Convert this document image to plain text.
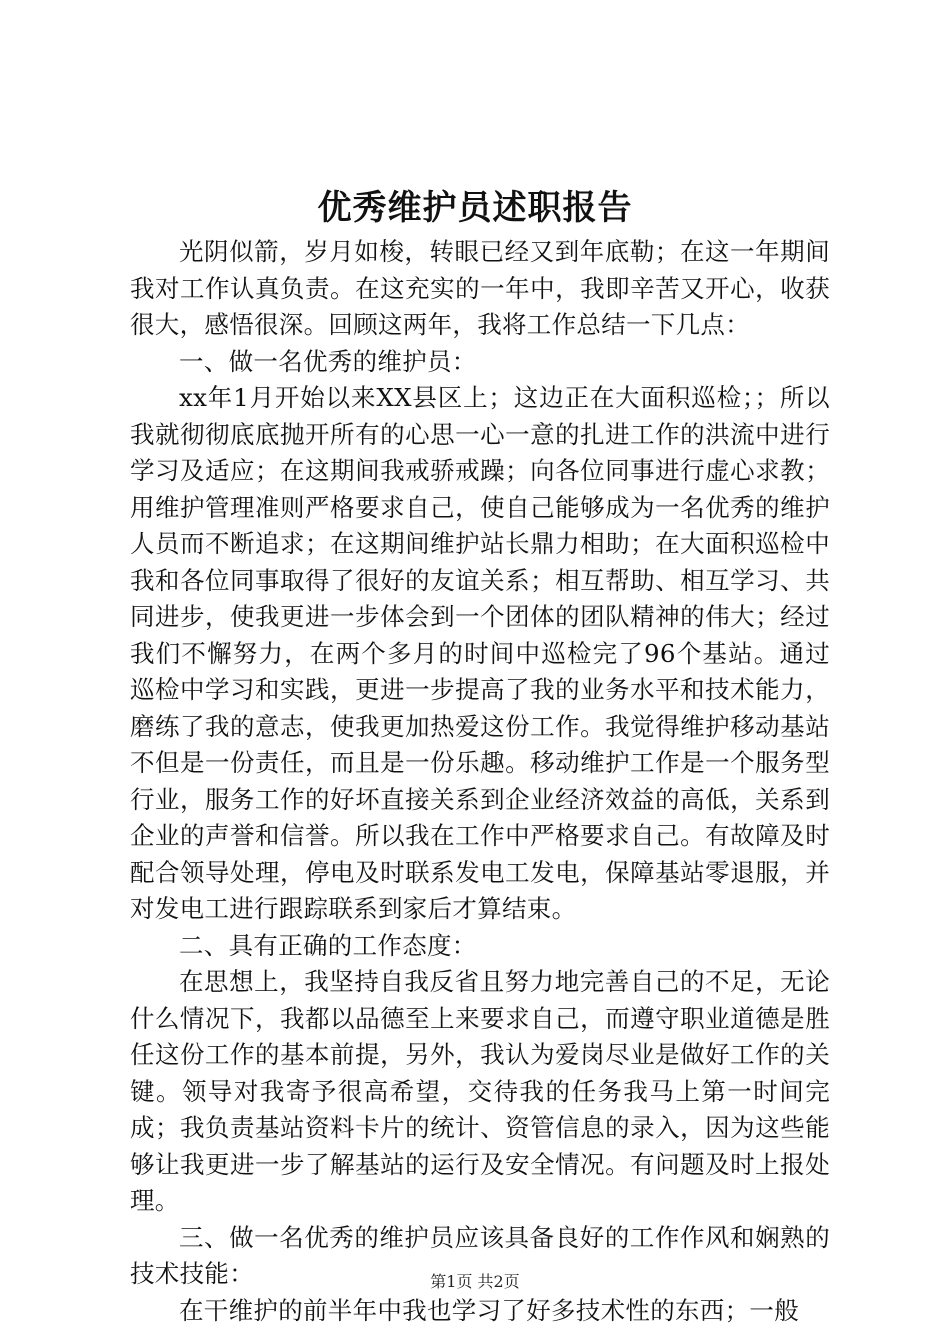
优秀维护员述职报告

光阴似箭，岁月如梭，转眼已经又到年底勒；在这一年期间我对工作认真负责。在这充实的一年中，我即辛苦又开心，收获很大，感悟很深。回顾这两年，我将工作总结一下几点：

一、做一名优秀的维护员：

xx年1月开始以来XX县区上；这边正在大面积巡检；；所以我就彻彻底底抛开所有的心思一心一意的扎进工作的洪流中进行学习及适应；在这期间我戒骄戒躁；向各位同事进行虚心求教；用维护管理准则严格要求自己，使自己能够成为一名优秀的维护人员而不断追求；在这期间维护站长鼎力相助；在大面积巡检中我和各位同事取得了很好的友谊关系；相互帮助、相互学习、共同进步，使我更进一步体会到一个团体的团队精神的伟大；经过我们不懈努力，在两个多月的时间中巡检完了96个基站。通过巡检中学习和实践，更进一步提高了我的业务水平和技术能力，磨练了我的意志，使我更加热爱这份工作。我觉得维护移动基站不但是一份责任，而且是一份乐趣。移动维护工作是一个服务型行业，服务工作的好坏直接关系到企业经济效益的高低，关系到企业的声誉和信誉。所以我在工作中严格要求自己。有故障及时配合领导处理，停电及时联系发电工发电，保障基站零退服，并对发电工进行跟踪联系到家后才算结束。

二、具有正确的工作态度：

在思想上，我坚持自我反省且努力地完善自己的不足，无论什么情况下，我都以品德至上来要求自己，而遵守职业道德是胜任这份工作的基本前提，另外，我认为爱岗尽业是做好工作的关键。领导对我寄予很高希望，交待我的任务我马上第一时间完成；我负责基站资料卡片的统计、资管信息的录入，因为这些能够让我更进一步了解基站的运行及安全情况。有问题及时上报处理。

三、做一名优秀的维护员应该具备良好的工作作风和娴熟的技术技能：

在干维护的前半年中我也学习了好多技术性的东西；一般

第1页 共2页
